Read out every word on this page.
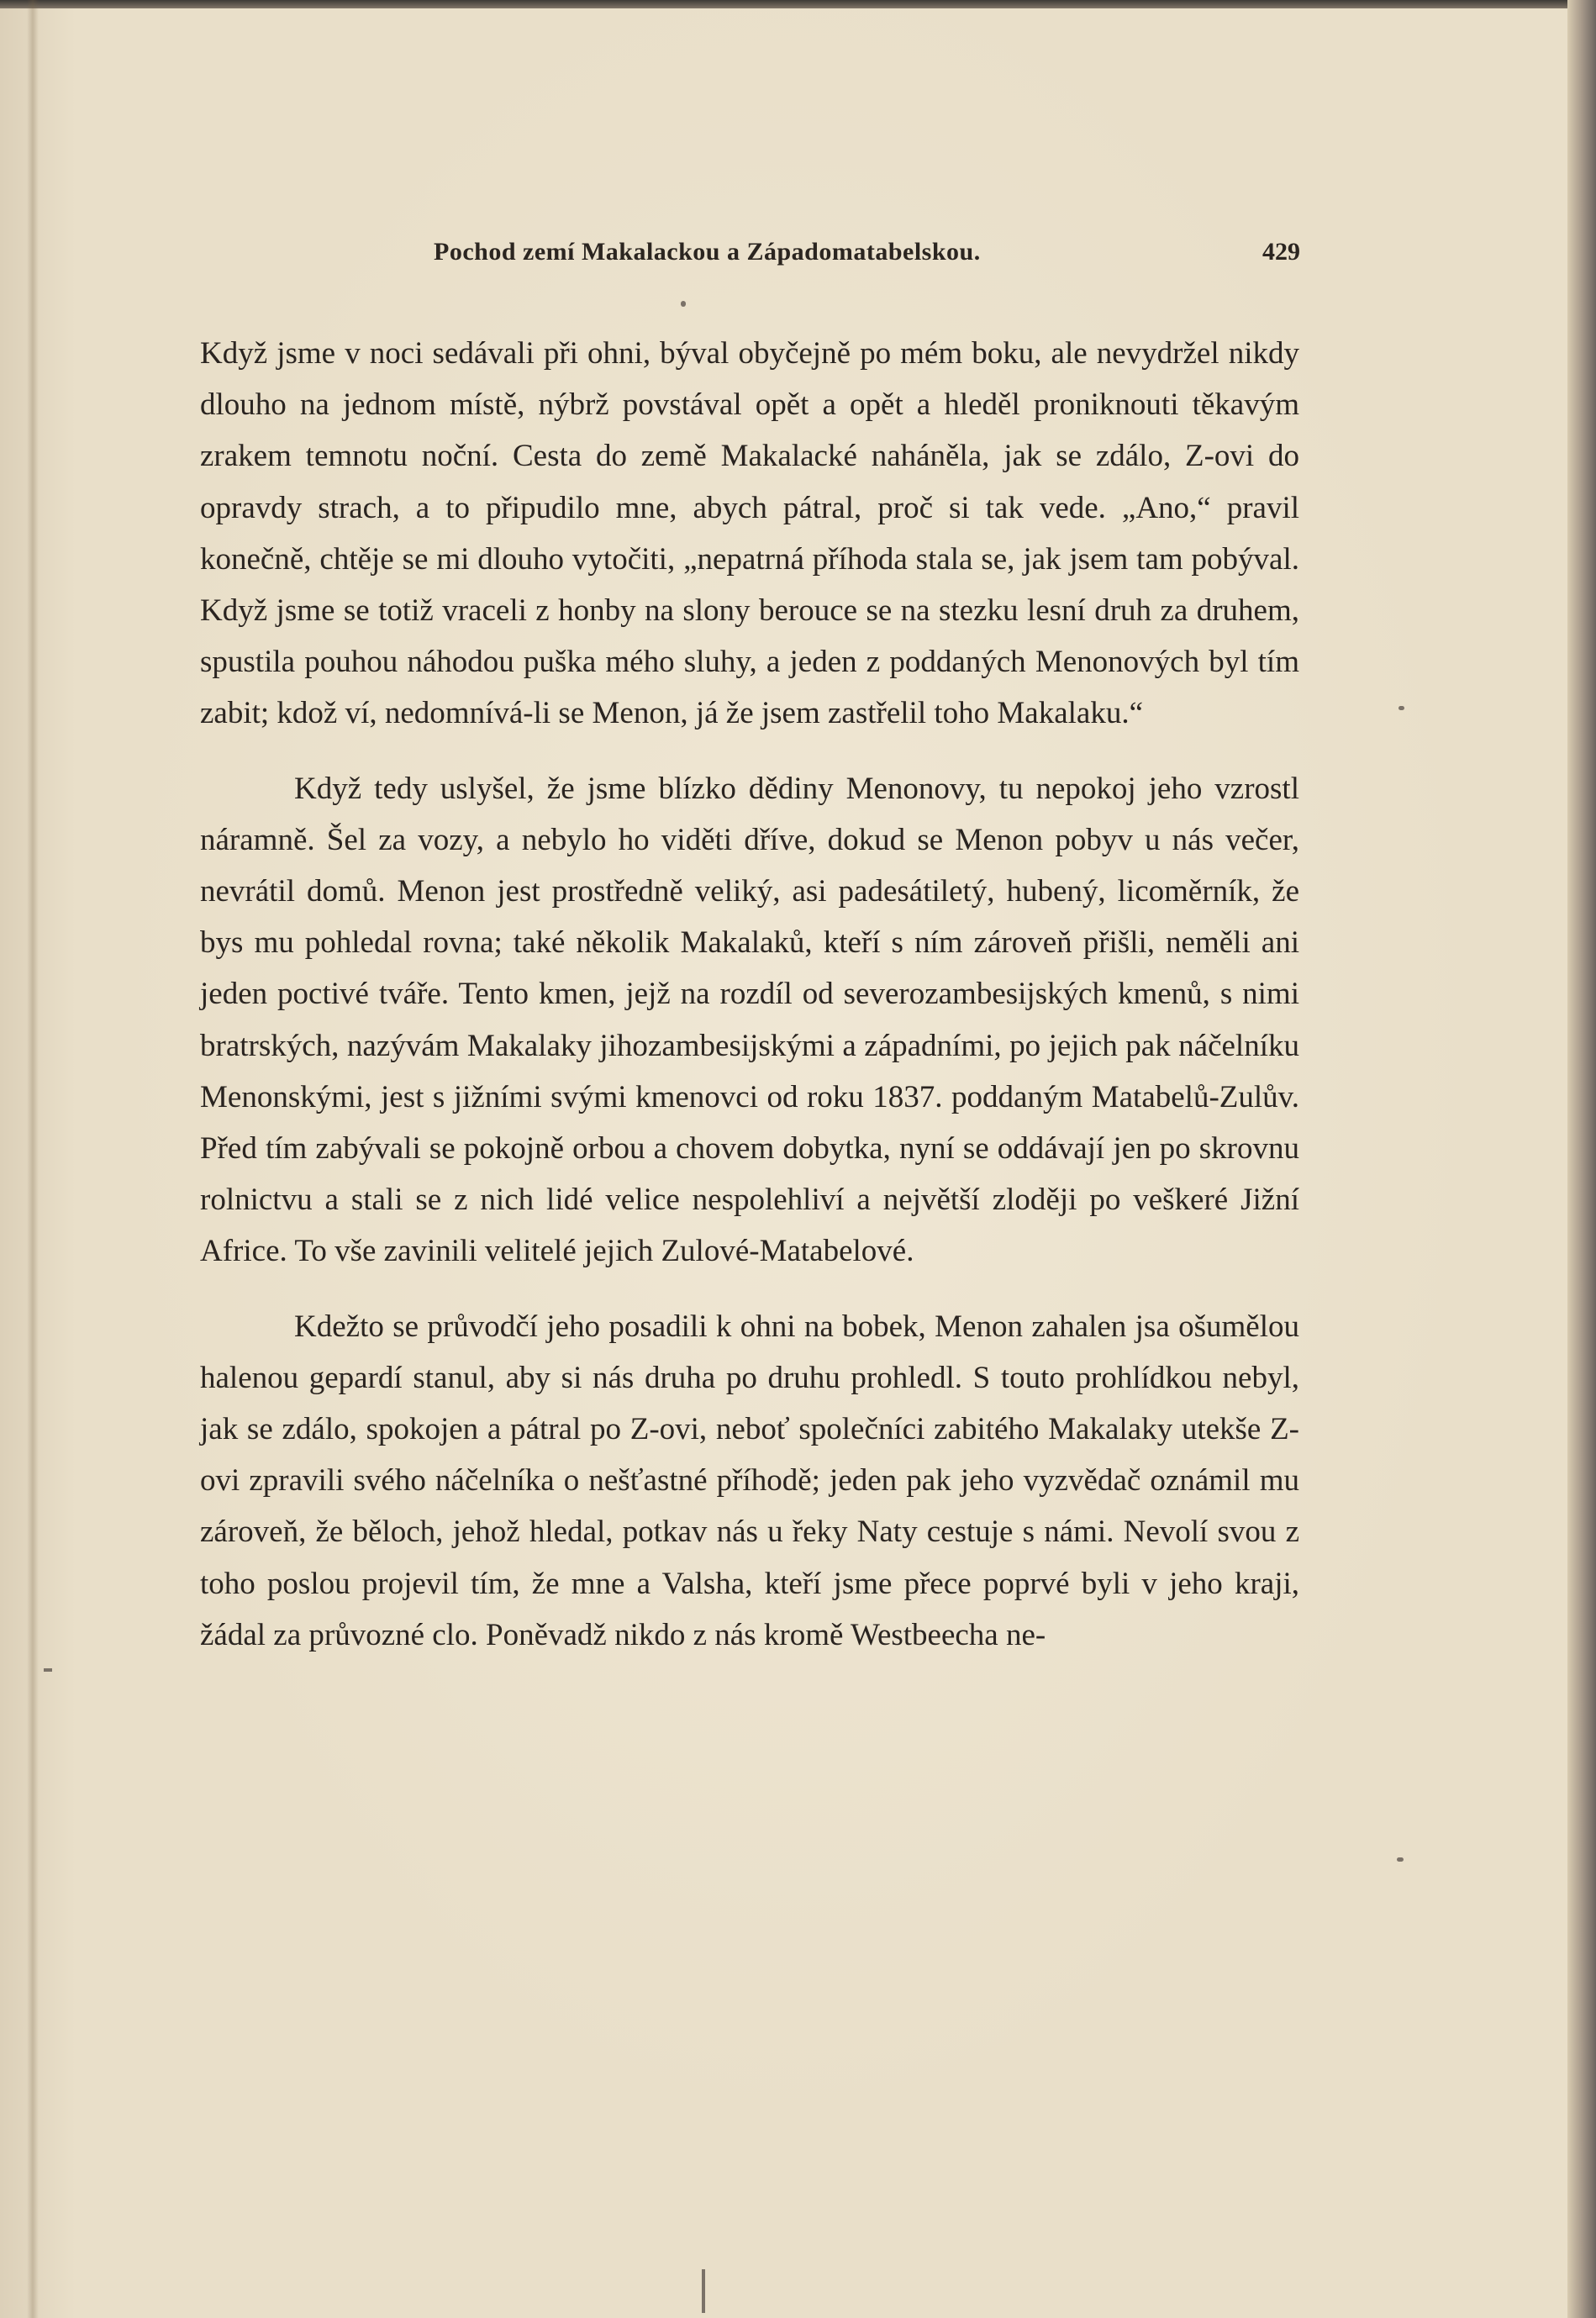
Pochod zemí Makalackou a Západomatabelskou.	429

Když jsme v noci sedávali při ohni, býval obyčejně po mém boku, ale nevydržel nikdy dlouho na jednom místě, nýbrž povstával opět a opět a hleděl proniknouti těkavým zrakem temnotu noční. Cesta do země Makalacké naháněla, jak se zdálo, Z-ovi do opravdy strach, a to připudilo mne, abych pátral, proč si tak vede. „Ano,“ pravil konečně, chtěje se mi dlouho vytočiti, „nepatrná příhoda stala se, jak jsem tam pobýval. Když jsme se totiž vraceli z honby na slony berouce se na stezku lesní druh za druhem, spustila pouhou náhodou puška mého sluhy, a jeden z poddaných Menonových byl tím zabit; kdož ví, nedomnívá-li se Menon, já že jsem zastřelil toho Makalaku.“

Když tedy uslyšel, že jsme blízko dědiny Menonovy, tu nepokoj jeho vzrostl náramně. Šel za vozy, a nebylo ho viděti dříve, dokud se Menon pobyv u nás večer, nevrátil domů. Menon jest prostředně veliký, asi padesátiletý, hubený, licoměrník, že bys mu pohledal rovna; také několik Makalaků, kteří s ním zároveň přišli, neměli ani jeden poctivé tváře. Tento kmen, jejž na rozdíl od severozambesijských kmenů, s nimi bratrských, nazývám Makalaky jihozambesijskými a západními, po jejich pak náčelníku Menonskými, jest s jižními svými kmenovci od roku 1837. poddaným Matabelů-Zulův. Před tím zabývali se pokojně orbou a chovem dobytka, nyní se oddávají jen po skrovnu rolnictvu a stali se z nich lidé velice nespolehliví a největší zloději po veškeré Jižní Africe. To vše zavinili velitelé jejich Zulové-Matabelové.

Kdežto se průvodčí jeho posadili k ohni na bobek, Menon zahalen jsa ošumělou halenou gepardí stanul, aby si nás druha po druhu prohledl. S touto prohlídkou nebyl, jak se zdálo, spokojen a pátral po Z-ovi, neboť společníci zabitého Makalaky utekše Z-ovi zpravili svého náčelníka o nešťastné příhodě; jeden pak jeho vyzvědač oznámil mu zároveň, že běloch, jehož hledal, potkav nás u řeky Naty cestuje s námi. Nevolí svou z toho poslou projevil tím, že mne a Valsha, kteří jsme přece poprvé byli v jeho kraji, žádal za průvozné clo. Poněvadž nikdo z nás kromě Westbeecha ne-
